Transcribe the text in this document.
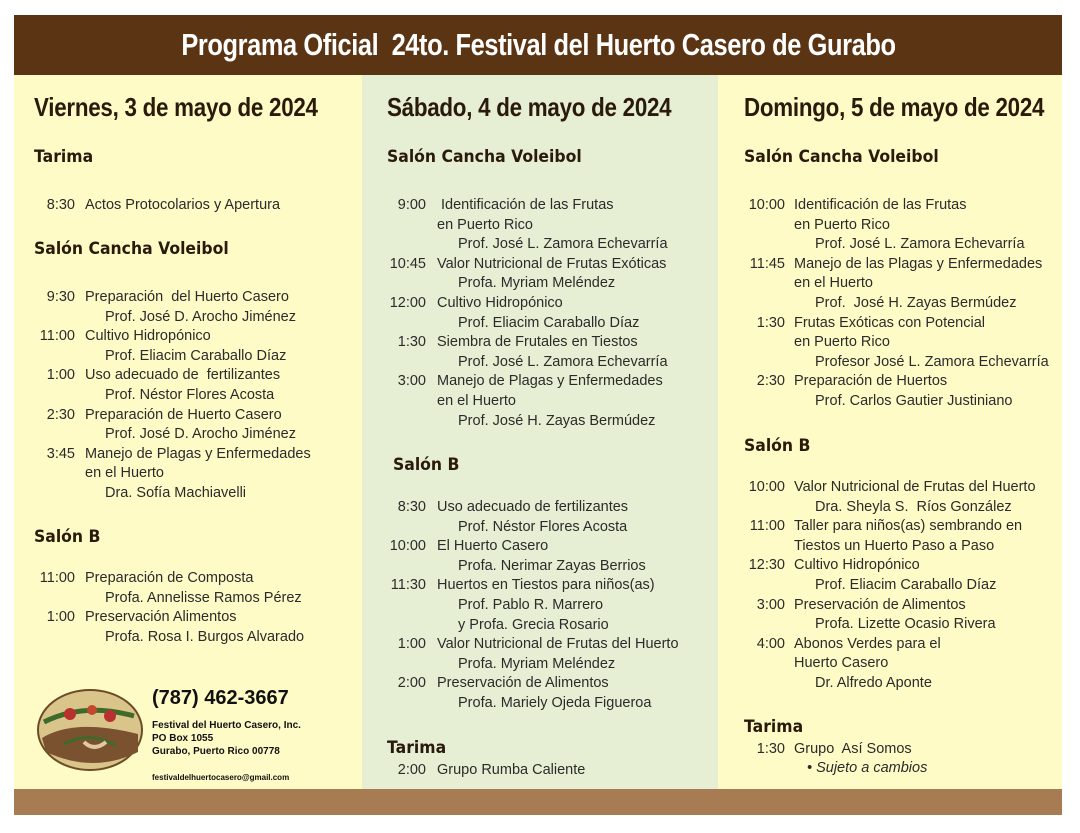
Programa Oficial  24to. Festival del Huerto Casero de Gurabo
Viernes, 3 de mayo de 2024
Tarima
8:30 Actos Protocolarios y Apertura
Salón Cancha Voleibol
9:30 Preparación  del Huerto Casero
Prof. José D. Arocho Jiménez
11:00 Cultivo Hidropónico
Prof. Eliacim Caraballo Díaz
1:00 Uso adecuado de  fertilizantes
Prof. Néstor Flores Acosta
2:30 Preparación de Huerto Casero
Prof. José D. Arocho Jiménez
3:45 Manejo de Plagas y Enfermedades
en el Huerto
Dra. Sofía Machiavelli
Salón B
11:00 Preparación de Composta
Profa. Annelisse Ramos Pérez
1:00 Preservación Alimentos
Profa. Rosa I. Burgos Alvarado
(787) 462-3667
Festival del Huerto Casero, Inc.
PO Box 1055
Gurabo, Puerto Rico 00778
festivaldelhuertocasero@gmail.com
Sábado, 4 de mayo de 2024
Salón Cancha Voleibol
9:00 Identificación de las Frutas
en Puerto Rico
Prof. José L. Zamora Echevarría
10:45 Valor Nutricional de Frutas Exóticas
Profa. Myriam Meléndez
12:00 Cultivo Hidropónico
Prof. Eliacim Caraballo Díaz
1:30 Siembra de Frutales en Tiestos
Prof. José L. Zamora Echevarría
3:00 Manejo de Plagas y Enfermedades
en el Huerto
Prof. José H. Zayas Bermúdez
Salón B
8:30 Uso adecuado de fertilizantes
Prof. Néstor Flores Acosta
10:00 El Huerto Casero
Profa. Nerimar Zayas Berrios
11:30 Huertos en Tiestos para niños(as)
Prof. Pablo R. Marrero
y Profa. Grecia Rosario
1:00 Valor Nutricional de Frutas del Huerto
Profa. Myriam Meléndez
2:00 Preservación de Alimentos
Profa. Mariely Ojeda Figueroa
Tarima
2:00 Grupo Rumba Caliente
Domingo, 5 de mayo de 2024
Salón Cancha Voleibol
10:00 Identificación de las Frutas
en Puerto Rico
Prof. José L. Zamora Echevarría
11:45 Manejo de las Plagas y Enfermedades
en el Huerto
Prof.  José H. Zayas Bermúdez
1:30 Frutas Exóticas con Potencial
en Puerto Rico
Profesor José L. Zamora Echevarría
2:30 Preparación de Huertos
Prof. Carlos Gautier Justiniano
Salón B
10:00 Valor Nutricional de Frutas del Huerto
Dra. Sheyla S.  Ríos González
11:00 Taller para niños(as) sembrando en
Tiestos un Huerto Paso a Paso
12:30 Cultivo Hidropónico
Prof. Eliacim Caraballo Díaz
3:00 Preservación de Alimentos
Profa. Lizette Ocasio Rivera
4:00 Abonos Verdes para el
Huerto Casero
Dr. Alfredo Aponte
Tarima
1:30 Grupo  Así Somos
• Sujeto a cambios
